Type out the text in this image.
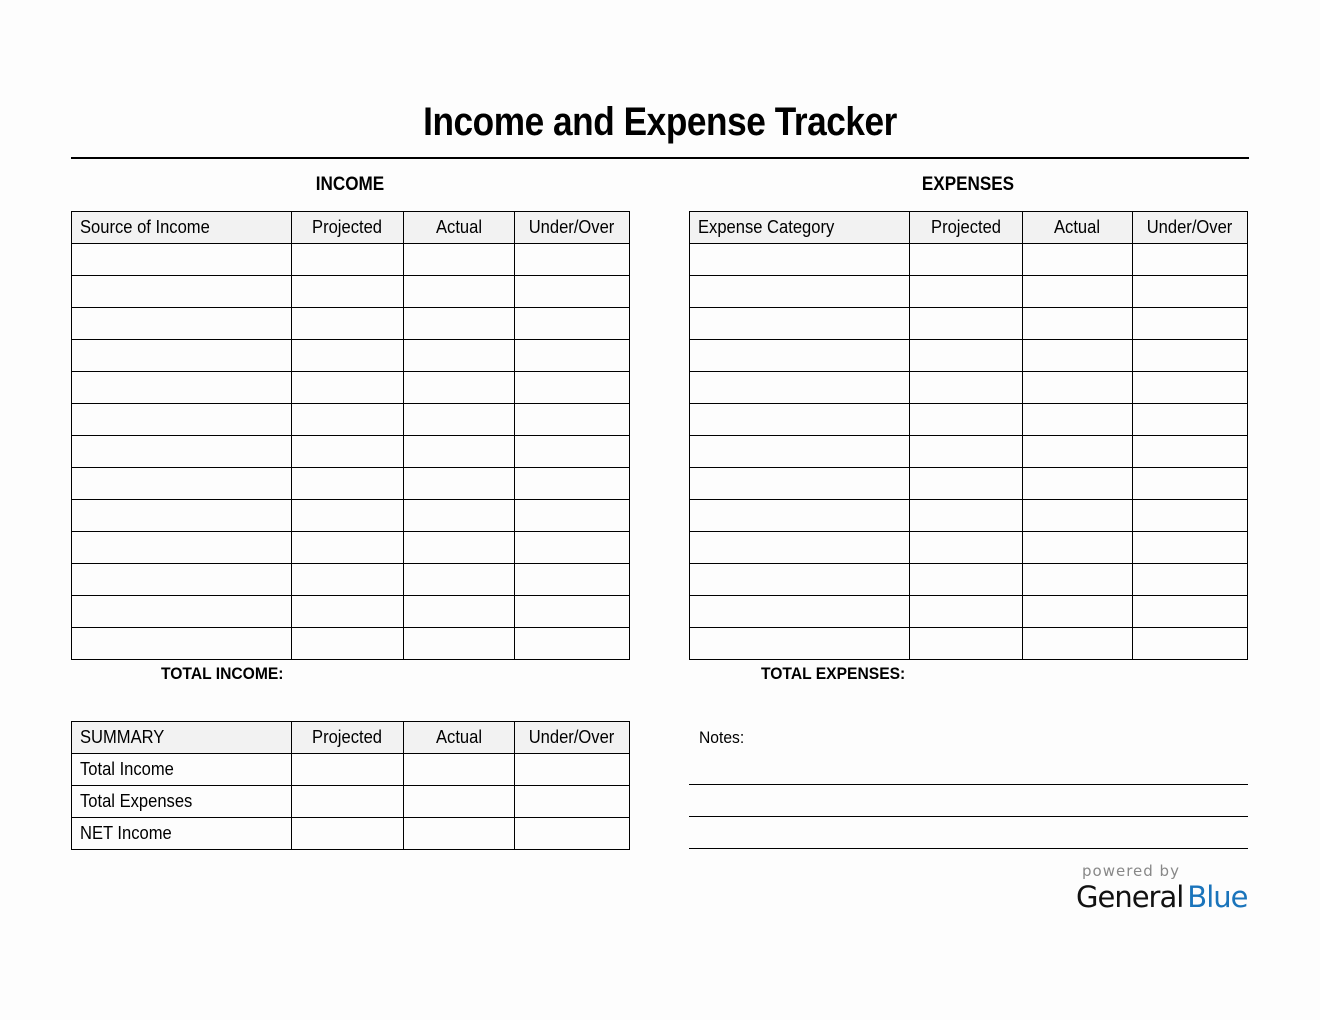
Income and Expense Tracker
INCOME
Source of Income	Projected	Actual	Under/Over

TOTAL INCOME:
EXPENSES
Expense Category	Projected	Actual	Under/Over

TOTAL EXPENSES:
SUMMARY	Projected	Actual	Under/Over
Total Income			
Total Expenses			
NET Income			
Notes:
powered by
General Blue
